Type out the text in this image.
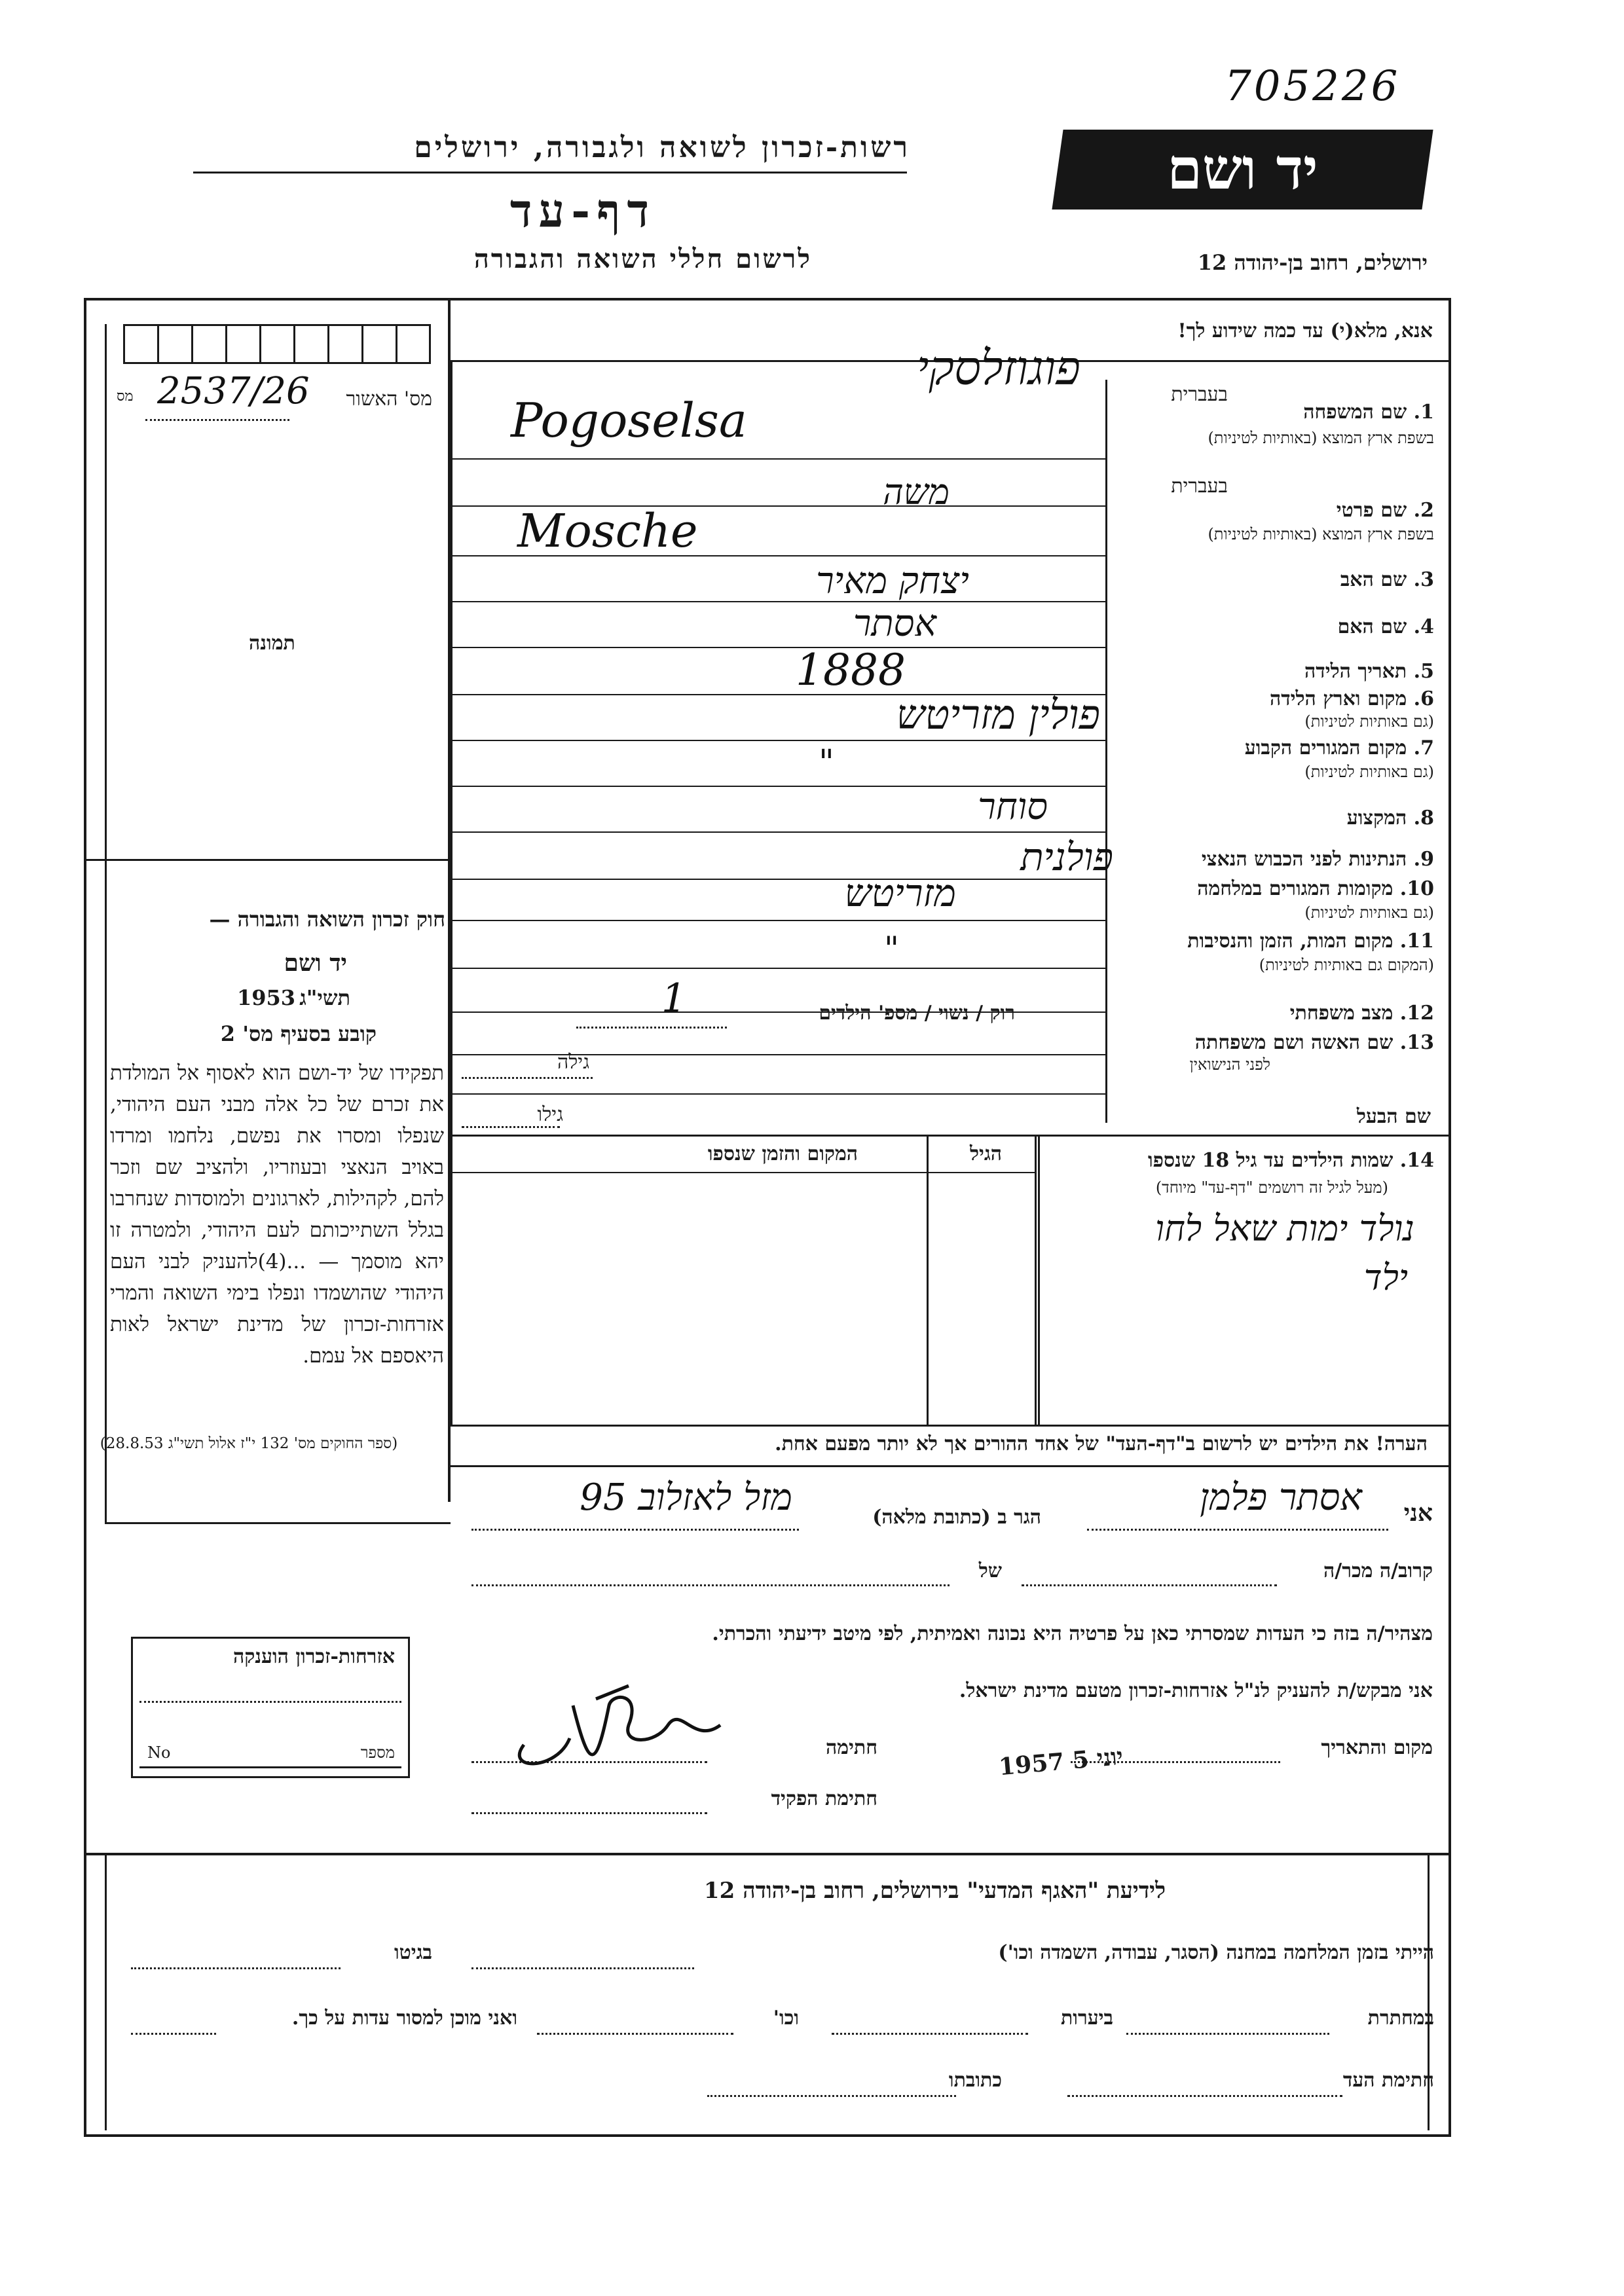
705226
יד ושם
רשות-זכרון לשואה ולגבורה, ירושלים
דף-עד
לרשום חללי השואה והגבורה	ירושלים, רחוב בן-יהודה 12
מס' האשור
מס 2537/26
תמונה
חוק זכרון השואה והגבורה —
יד ושם
תשי"ג
1953
קובע בסעיף מס' 2
תפקידו של יד-ושם הוא לאסוף אל המולדת את זכרם של כל אלה מבני העם היהודי, שנפלו ומסרו את נפשם, נלחמו ומרדו באויב הנאצי ובעוזריו, ולהציב שם וזכר להם, לקהילות, לארגונים ולמוסדות שנחרבו בגלל השתייכותם לעם היהודי, ולמטרה זו יהא מוסמך — ...(4)להעניק לבני העם היהודי שהושמדו ונפלו בימי השואה והמרי אזרחות-זכרון של מדינת ישראל לאות היאספם אל עמם.
(ספר החוקים מס' 132 י"ז אלול תשי"ג 28.8.53)
אנא, מלא(י) עד כמה שידוע לך!
1. שם המשפחה
בעברית
בשפת ארץ המוצא (באותיות לטיניות)
פוגוזלסקי
Pogoselsa
בעברית
2. שם פרטי
בשפת ארץ המוצא (באותיות לטיניות)
משה
Mosche
3. שם האב
יצחק מאיר
4. שם האם
אסתר
5. תאריך הלידה
1888
6. מקום וארץ הלידה
(גם באותיות לטיניות)
פולין מזריטש
7. מקום המגורים הקבוע
(גם באותיות לטיניות)
"
8. המקצוע
סוחר
9. הנתינות לפני הכבוש הנאצי
פולנית
10. מקומות המגורים במלחמה
(גם באותיות לטיניות)
מזריטש
11. מקום המות, הזמן והנסיבות
(המקום גם באותיות לטיניות)
"
12. מצב משפחתי
רוק / נשוי / מספ' הילדים
1
13. שם האשה ושם משפחתה
לפני הנישואין
גילה
שם הבעל
גילו
14. שמות הילדים עד גיל 18 שנספו
(מעל לגיל זה רושמים "דף-עד" מיוחד)
הגיל
המקום והזמן שנספו
נולד ימות שאל לחו
ילד
הערה! את הילדים יש לרשום ב"דף-העד" של אחד ההורים אך לא יותר מפעם אחת.
אני
אסתר פלמן
הגר ב (כתובת מלאה)
מזל לאזלוב 95
קרוב/ה מכר/ה
של
מצהיר/ה בזה כי העדות שמסרתי כאן על פרטיה היא נכונה ואמיתית, לפי מיטב ידיעתי והכרתי.
אני מבקש/ת להעניק לנ"ל אזרחות-זכרון מטעם מדינת ישראל.
מקום והתאריך
חתימה
חתימת הפקיד
1957 יוני 5
אזרחות-זכרון הוענקה
מספר
No
לידיעת "האגף המדעי" בירושלים, רחוב בן-יהודה 12
הייתי בזמן המלחמה במחנה (הסגר, עבודה, השמדה וכו')
בגיטו
במחתרת
ביערות
וכו'
ואני מוכן למסור עדות על כך.
חתימת העד
כתובתו
